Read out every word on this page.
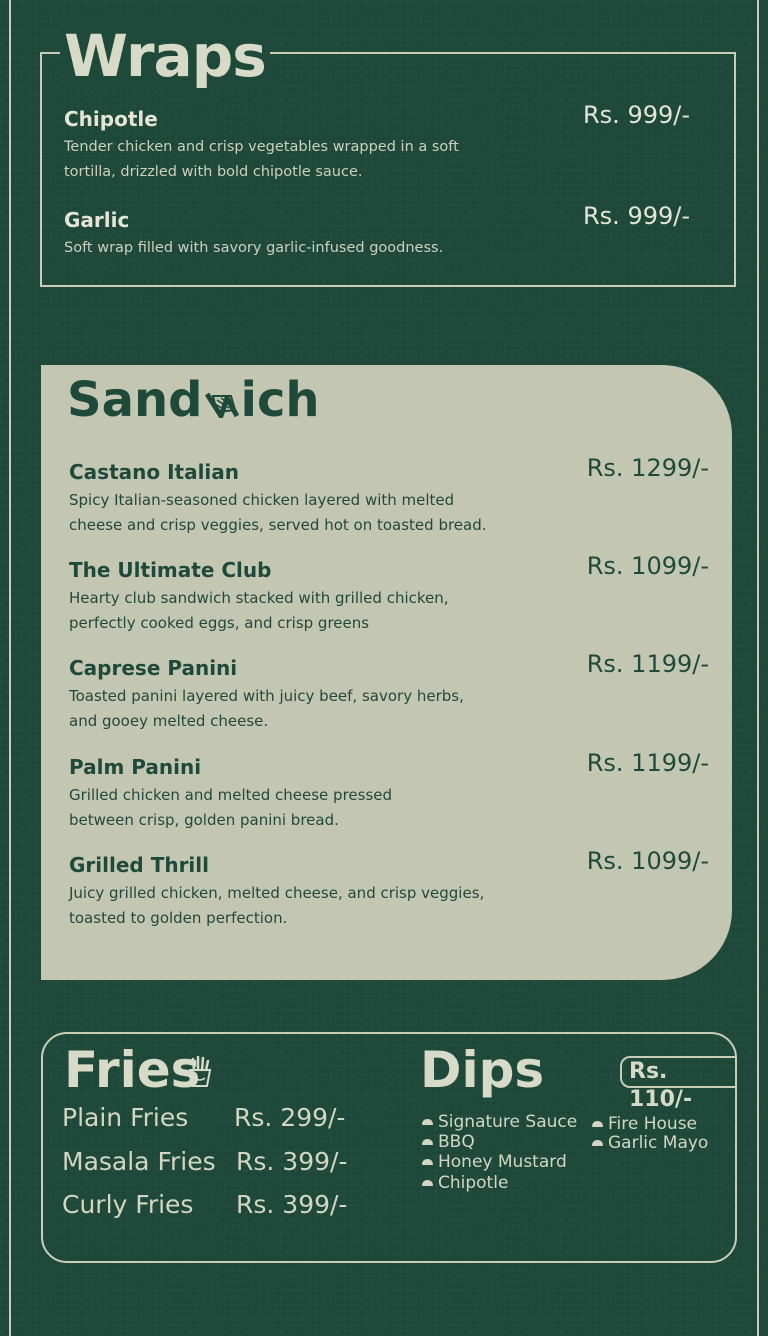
Wraps
Chipotle
Tender chicken and crisp vegetables wrapped in a soft tortilla, drizzled with bold chipotle sauce.
Rs. 999/-
Garlic
Soft wrap filled with savory garlic-infused goodness.
Rs. 999/-
Sand ich
Castano Italian
Spicy Italian-seasoned chicken layered with melted cheese and crisp veggies, served hot on toasted bread.
Rs. 1299/-
The Ultimate Club
Hearty club sandwich stacked with grilled chicken, perfectly cooked eggs, and crisp greens
Rs. 1099/-
Caprese Panini
Toasted panini layered with juicy beef, savory herbs, and gooey melted cheese.
Rs. 1199/-
Palm Panini
Grilled chicken and melted cheese pressed between crisp, golden panini bread.
Rs. 1199/-
Grilled Thrill
Juicy grilled chicken, melted cheese, and crisp veggies, toasted to golden perfection.
Rs. 1099/-
Fries
Plain Fries Rs. 299/-
Masala Fries Rs. 399/-
Curly Fries Rs. 399/-
Dips	Rs. 110/-
Signature Sauce
BBQ
Honey Mustard
Chipotle
Fire House
Garlic Mayo
